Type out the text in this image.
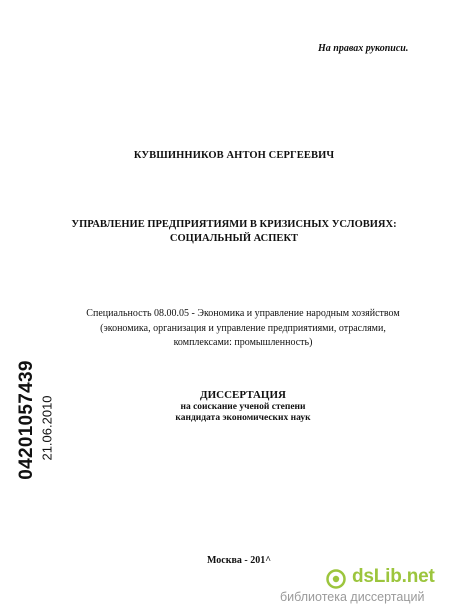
На правах рукописи.
КУВШИННИКОВ АНТОН СЕРГЕЕВИЧ
УПРАВЛЕНИЕ ПРЕДПРИЯТИЯМИ В КРИЗИСНЫХ УСЛОВИЯХ:
СОЦИАЛЬНЫЙ АСПЕКТ
Специальность 08.00.05 - Экономика и управление народным хозяйством
(экономика, организация и управление предприятиями, отраслями,
комплексами: промышленность)
ДИССЕРТАЦИЯ
на соискание ученой степени
кандидата экономических наук
Москва - 201^
04201057439 21.06.2010
dsLib.net
библиотека диссертаций
